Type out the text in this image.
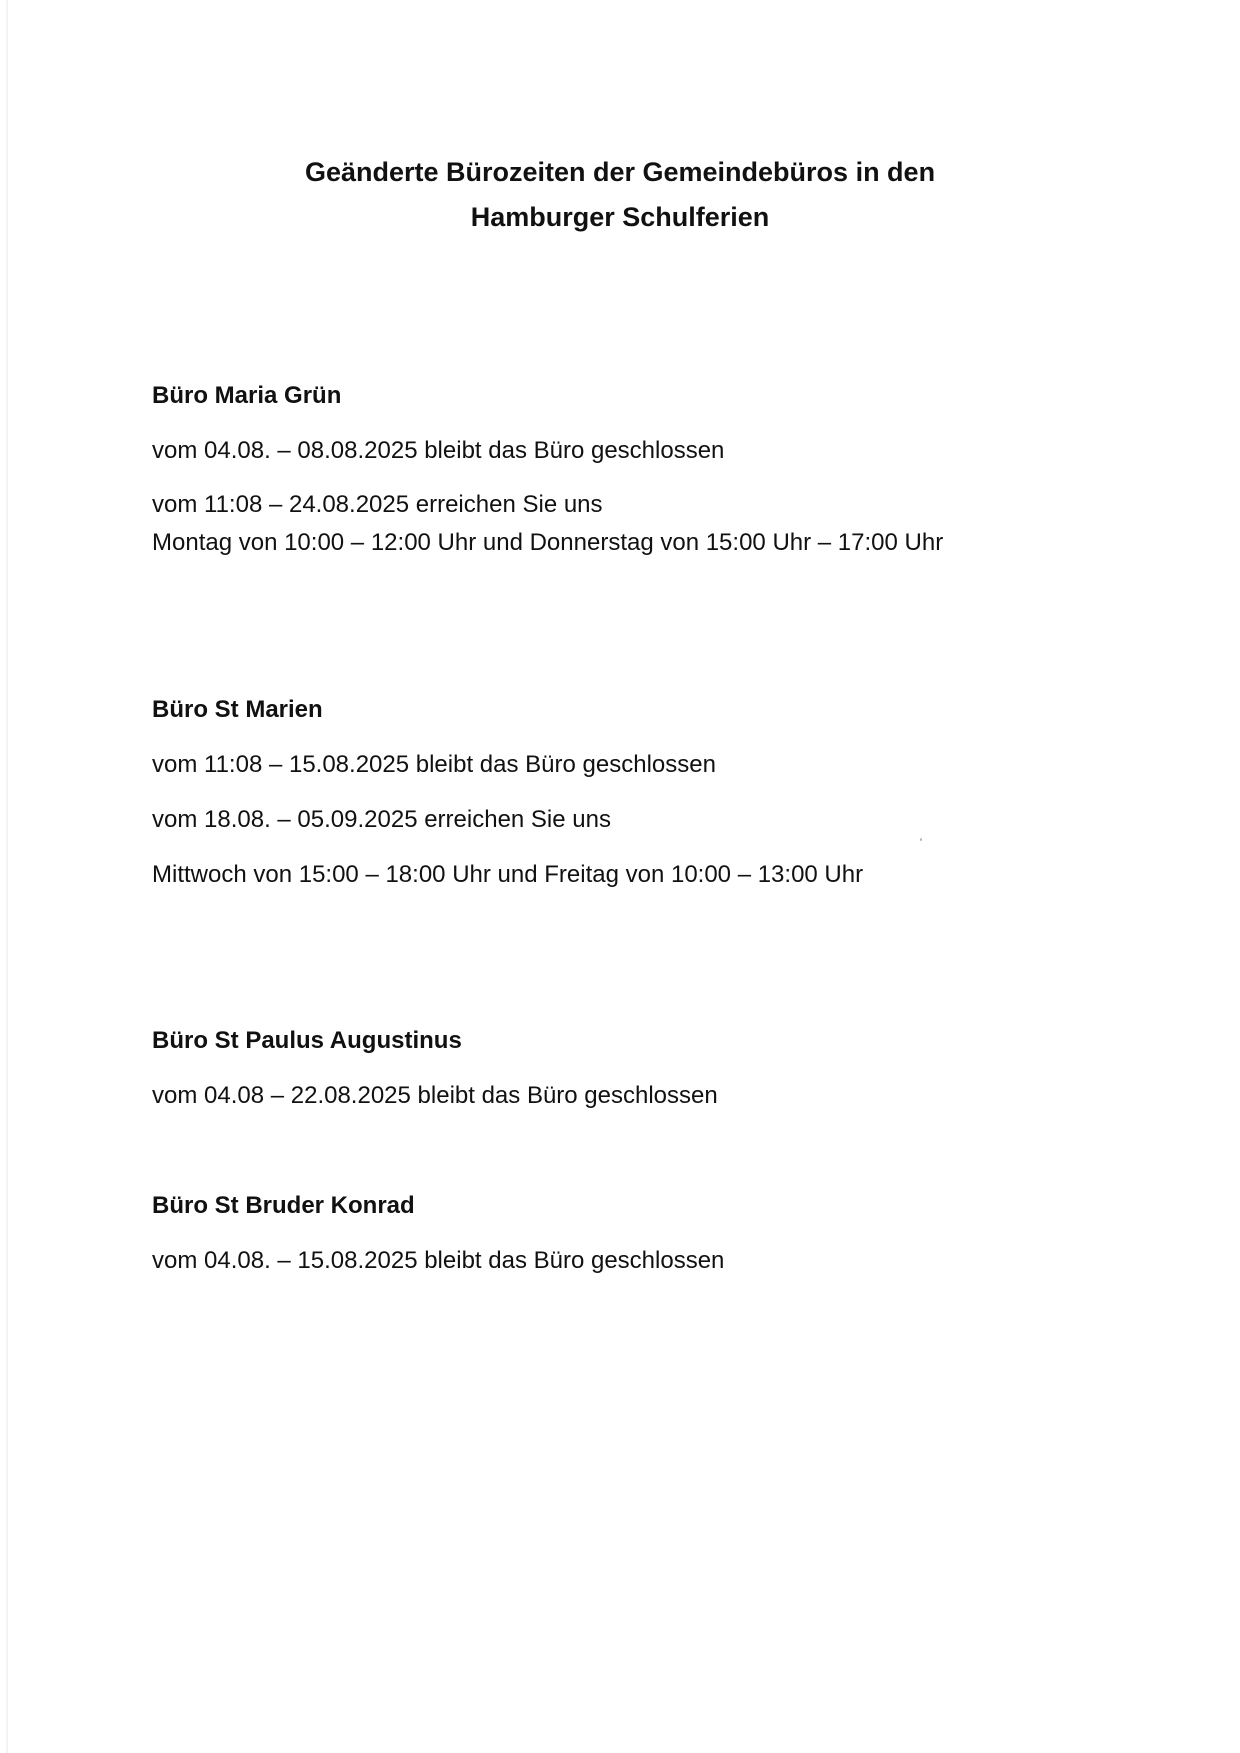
Geänderte Bürozeiten der Gemeindebüros in den
Hamburger Schulferien
Büro Maria Grün
vom 04.08. – 08.08.2025 bleibt das Büro geschlossen
vom 11:08 – 24.08.2025 erreichen Sie uns
Montag von 10:00 – 12:00 Uhr und Donnerstag von 15:00 Uhr – 17:00 Uhr
Büro St Marien
vom 11:08 – 15.08.2025 bleibt das Büro geschlossen
vom 18.08. – 05.09.2025 erreichen Sie uns
Mittwoch von 15:00 – 18:00 Uhr und Freitag von 10:00 – 13:00 Uhr
Büro St Paulus Augustinus
vom 04.08 – 22.08.2025 bleibt das Büro geschlossen
Büro St Bruder Konrad
vom 04.08. – 15.08.2025 bleibt das Büro geschlossen
